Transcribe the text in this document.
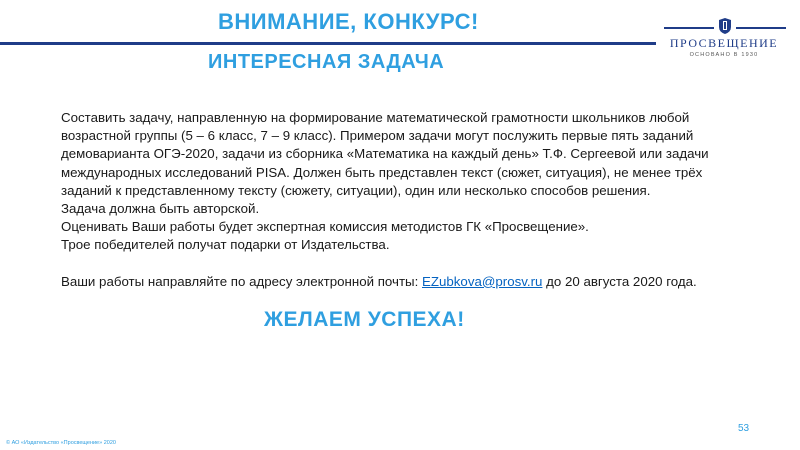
ВНИМАНИЕ, КОНКУРС!
ИНТЕРЕСНАЯ ЗАДАЧА
ПРОСВЕЩЕНИЕ
ОСНОВАНО В 1930

Составить задачу, направленную на формирование математической грамотности школьников любой возрастной группы (5 – 6 класс, 7 – 9 класс). Примером задачи могут послужить первые пять заданий демоварианта ОГЭ-2020, задачи из сборника «Математика на каждый день» Т.Ф. Сергеевой или задачи международных исследований PISA. Должен быть представлен текст (сюжет, ситуация), не менее трёх заданий к представленному тексту (сюжету, ситуации), один или несколько способов решения.

Задача должна быть авторской.

Оценивать Ваши работы будет экспертная комиссия методистов ГК «Просвещение».

Трое победителей получат подарки от Издательства.

Ваши работы направляйте по адресу электронной почты: EZubkova@prosv.ru до 20 августа 2020 года.

ЖЕЛАЕМ УСПЕХА!
53
© АО «Издательство «Просвещение» 2020
